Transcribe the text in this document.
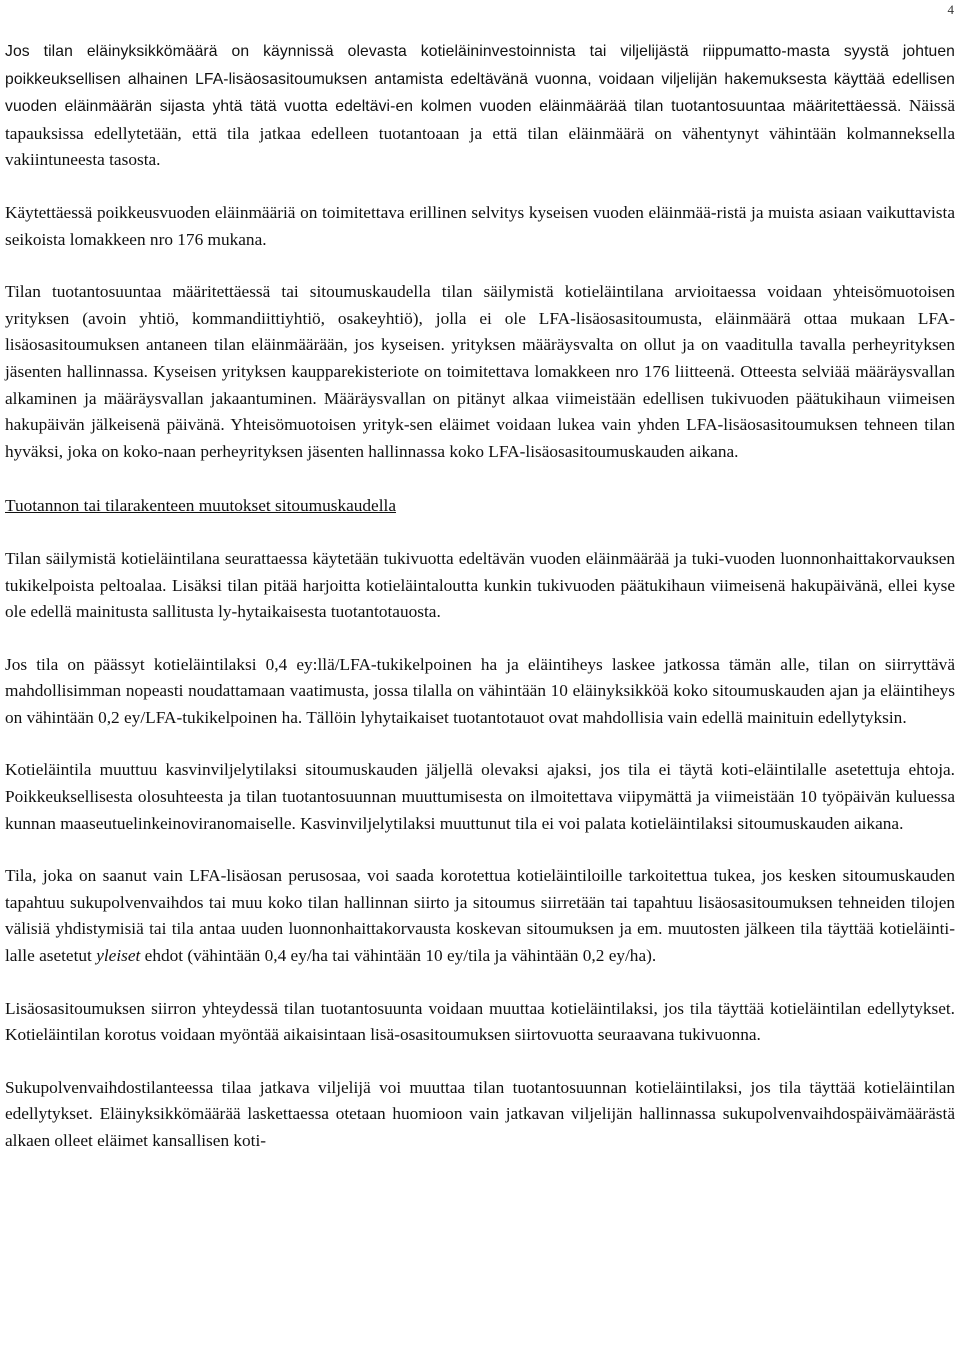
4

Jos tilan eläinyksikkömäärä on käynnissä olevasta kotieläininvestoinnista tai viljelijästä riippumatto-masta syystä johtuen poikkeuksellisen alhainen LFA-lisäosasitoumuksen antamista edeltävänä vuonna, voidaan viljelijän hakemuksesta käyttää edellisen vuoden eläinmäärän sijasta yhtä tätä vuotta edeltävi-en kolmen vuoden eläinmäärää tilan tuotantosuuntaa määritettäessä. Näissä tapauksissa edellytetään, että tila jatkaa edelleen tuotantoaan ja että tilan eläinmäärä on vähentynyt vähintään kolmanneksella vakiintuneesta tasosta.

Käytettäessä poikkeusvuoden eläinmääriä on toimitettava erillinen selvitys kyseisen vuoden eläinmää-ristä ja muista asiaan vaikuttavista seikoista lomakkeen nro 176 mukana.

Tilan tuotantosuuntaa määritettäessä tai sitoumuskaudella tilan säilymistä kotieläintilana arvioitaessa voidaan yhteisömuotoisen yrityksen (avoin yhtiö, kommandiittiyhtiö, osakeyhtiö), jolla ei ole LFA-lisäosasitoumusta, eläinmäärä ottaa mukaan LFA-lisäosasitoumuksen antaneen tilan eläinmäärään, jos kyseisen. yrityksen määräysvalta on ollut ja on vaaditulla tavalla perheyrityksen jäsenten hallinnassa. Kyseisen yrityksen kaupparekisteriote on toimitettava lomakkeen nro 176 liitteenä. Otteesta selviää määräysvallan alkaminen ja määräysvallan jakaantuminen. Määräysvallan on pitänyt alkaa viimeistään edellisen tukivuoden päätukihaun viimeisen hakupäivän jälkeisenä päivänä. Yhteisömuotoisen yrityk-sen eläimet voidaan lukea vain yhden LFA-lisäosasitoumuksen tehneen tilan hyväksi, joka on koko-naan perheyrityksen jäsenten hallinnassa koko LFA-lisäosasitoumuskauden aikana.

Tuotannon tai tilarakenteen muutokset sitoumuskaudella

Tilan säilymistä kotieläintilana seurattaessa käytetään tukivuotta edeltävän vuoden eläinmäärää ja tuki-vuoden luonnonhaittakorvauksen tukikelpoista peltoalaa. Lisäksi tilan pitää harjoitta kotieläintaloutta kunkin tukivuoden päätukihaun viimeisenä hakupäivänä, ellei kyse ole edellä mainitusta sallitusta ly-hytaikaisesta tuotantotauosta.

Jos tila on päässyt kotieläintilaksi 0,4 ey:llä/LFA-tukikelpoinen ha ja eläintiheys laskee jatkossa tämän alle, tilan on siirryttävä mahdollisimman nopeasti noudattamaan vaatimusta, jossa tilalla on vähintään 10 eläinyksikköä koko sitoumuskauden ajan ja eläintiheys on vähintään 0,2 ey/LFA-tukikelpoinen ha. Tällöin lyhytaikaiset tuotantotauot ovat mahdollisia vain edellä mainituin edellytyksin.

Kotieläintila muuttuu kasvinviljelytilaksi sitoumuskauden jäljellä olevaksi ajaksi, jos tila ei täytä koti-eläintilalle asetettuja ehtoja. Poikkeuksellisesta olosuhteesta ja tilan tuotantosuunnan muuttumisesta on ilmoitettava viipymättä ja viimeistään 10 työpäivän kuluessa kunnan maaseutuelinkeinoviranomaiselle. Kasvinviljelytilaksi muuttunut tila ei voi palata kotieläintilaksi sitoumuskauden aikana.

Tila, joka on saanut vain LFA-lisäosan perusosaa, voi saada korotettua kotieläintiloille tarkoitettua tukea, jos kesken sitoumuskauden tapahtuu sukupolvenvaihdos tai muu koko tilan hallinnan siirto ja sitoumus siirretään tai tapahtuu lisäosasitoumuksen tehneiden tilojen välisiä yhdistymisiä tai tila antaa uuden luonnonhaittakorvausta koskevan sitoumuksen ja em. muutosten jälkeen tila täyttää kotieläinti-lalle asetetut yleiset ehdot (vähintään 0,4 ey/ha tai vähintään 10 ey/tila ja vähintään 0,2 ey/ha).

Lisäosasitoumuksen siirron yhteydessä tilan tuotantosuunta voidaan muuttaa kotieläintilaksi, jos tila täyttää kotieläintilan edellytykset. Kotieläintilan korotus voidaan myöntää aikaisintaan lisä-osasitoumuksen siirtovuotta seuraavana tukivuonna.

Sukupolvenvaihdostilanteessa tilaa jatkava viljelijä voi muuttaa tilan tuotantosuunnan kotieläintilaksi, jos tila täyttää kotieläintilan edellytykset. Eläinyksikkömäärää laskettaessa otetaan huomioon vain jatkavan viljelijän hallinnassa sukupolvenvaihdospäivämäärästä alkaen olleet eläimet kansallisen koti-
